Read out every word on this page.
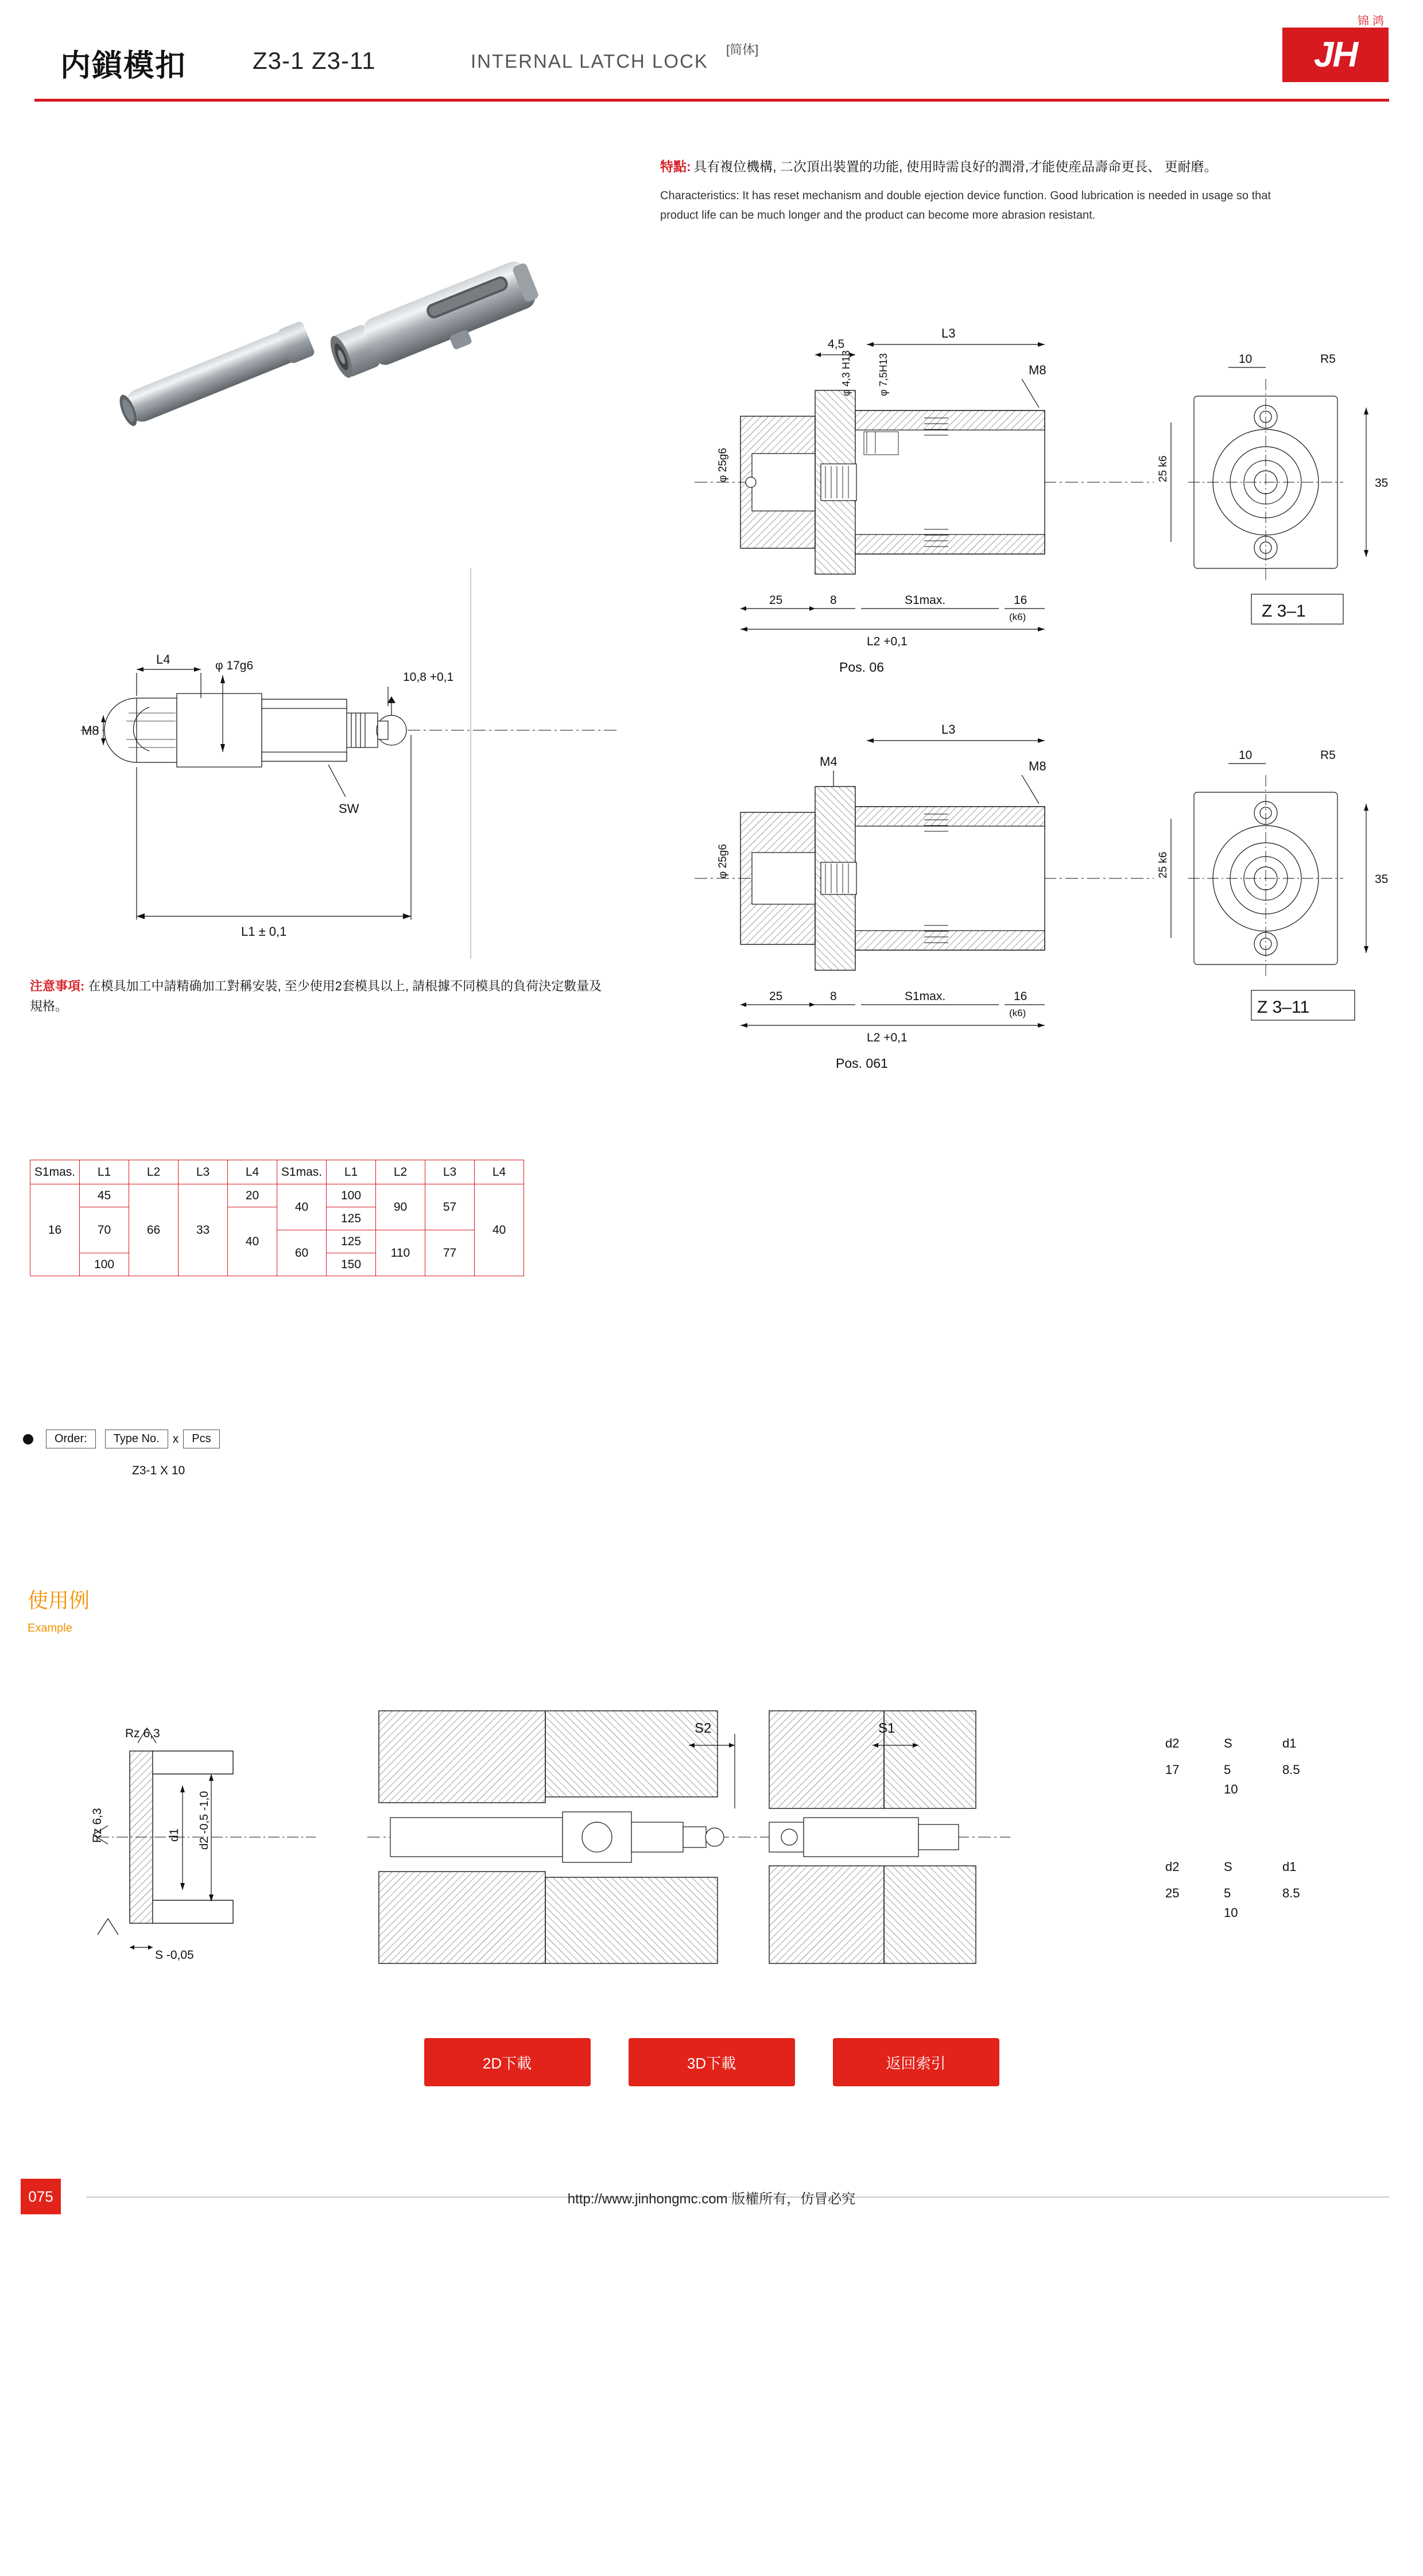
内鎖模扣	Z3-1 Z3-11	INTERNAL LATCH LOCK
[简体]
锦鸿
JH
特點: 具有複位機構, 二次頂出裝置的功能, 使用時需良好的潤滑,才能使産品壽命更長、 更耐磨。
Characteristics: It has reset mechanism and double ejection device function. Good lubrication is needed in usage so that product life can be much longer and the product can become more abrasion resistant.
L4	φ 17g6
M8
SW
10,8 +0,1
L1 ± 0,1
4,5
L3
φ 4,3 H13	φ 7,5H13
φ 25g6
M8
25 k6
25	8	S1max.	16
(k6)
L2 +0,1
Pos. 06
10	R5
35
Z 3–1
M4
L3
φ 25g6
M8
25 k6
25	8	S1max.	16
(k6)
L2 +0,1
Pos. 061
10	R5
35
Z 3–11
注意事項: 在模具加工中請精确加工對稱安裝, 至少使用2套模具以上, 請根據不同模具的負荷決定數量及規格。
S1mas.	L1	L2	L3	L4	S1mas.	L1	L2	L3	L4
16	45	66	33	20	40	100	90	57	40
	70			40		125			
					60	125	110	77	
	100					150			
Order:	Type No.	x	Pcs
Z3-1 X 10
使用例
Example
Rz 6,3
Rz 6,3	d1 d2 -0,5 -1,0
S -0,05
S2	S1
d2	S	d1
17	5	8.5
10
d2	S	d1
25	5	8.5
10
2D下載	3D下載	返回索引
075	http://www.jinhongmc.com 版權所有，仿冒必究
